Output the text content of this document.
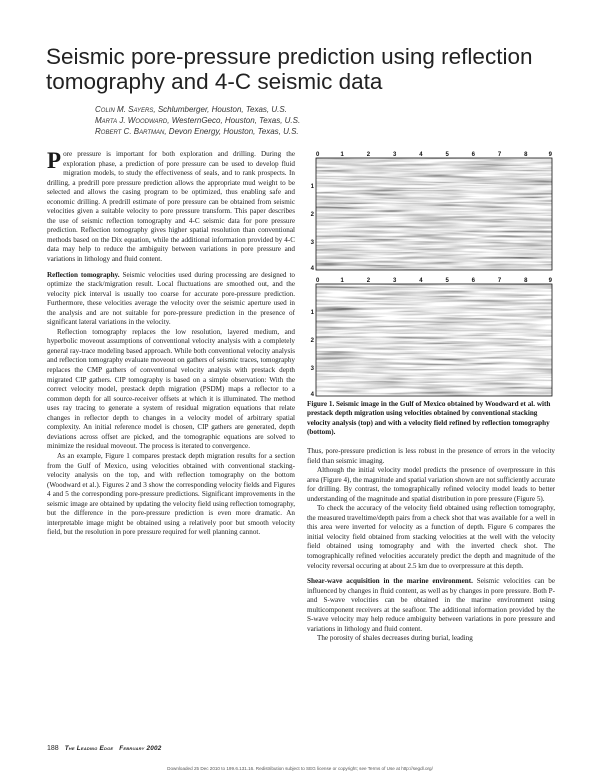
Seismic pore-pressure prediction using reflection tomography and 4-C seismic data
Colin M. Sayers, Schlumberger, Houston, Texas, U.S.
Marta J. Woodward, WesternGeco, Houston, Texas, U.S.
Robert C. Bartman, Devon Energy, Houston, Texas, U.S.

Pore pressure is important for both exploration and drilling. During the exploration phase, a prediction of pore pressure can be used to develop fluid migration models, to study the effectiveness of seals, and to rank prospects. In drilling, a predrill pore pressure prediction allows the appropriate mud weight to be selected and allows the casing program to be optimized, thus enabling safe and economic drilling. A predrill estimate of pore pressure can be obtained from seismic velocities given a suitable velocity to pore pressure transform. This paper describes the use of seismic reflection tomography and 4-C seismic data for pore pressure prediction. Reflection tomography gives higher spatial resolution than conventional methods based on the Dix equation, while the additional information provided by 4-C data may help to reduce the ambiguity between variations in pore pressure and variations in lithology and fluid content.

Reflection tomography. Seismic velocities used during processing are designed to optimize the stack/migration result. Local fluctuations are smoothed out, and the velocity pick interval is usually too coarse for accurate pore-pressure prediction. Furthermore, these velocities average the velocity over the seismic aperture used in the analysis and are not suitable for pore-pressure prediction in the presence of significant lateral variations in the velocity.

Reflection tomography replaces the low resolution, layered medium, and hyperbolic moveout assumptions of conventional velocity analysis with a completely general ray-trace modeling based approach. While both conventional velocity analysis and reflection tomography evaluate moveout on gathers of seismic traces, tomography replaces the CMP gathers of conventional velocity analysis with prestack depth migrated CIP gathers. CIP tomography is based on a simple observation: With the correct velocity model, prestack depth migration (PSDM) maps a reflector to a common depth for all source-receiver offsets at which it is illuminated. The method uses ray tracing to generate a system of residual migration equations that relate changes in reflector depth to changes in a velocity model of arbitrary spatial complexity. An initial reference model is chosen, CIP gathers are generated, depth deviations across offset are picked, and the tomographic equations are solved to minimize the residual moveout. The process is iterated to convergence.

As an example, Figure 1 compares prestack depth migration results for a section from the Gulf of Mexico, using velocities obtained with conventional stacking-velocity analysis on the top, and with reflection tomography on the bottom (Woodward et al.). Figures 2 and 3 show the corresponding velocity fields and Figures 4 and 5 the corresponding pore-pressure predictions. Significant improvements in the seismic image are obtained by updating the velocity field using reflection tomography, but the difference in the pore-pressure prediction is even more dramatic. An interpretable image might be obtained using a relatively poor but smooth velocity field, but the resolution in pore pressure required for well planning cannot.

0	1	2	3	4	5	6	7	8	9
1
2
3
4
0	1	2	3	4	5	6	7	8	9
1
2
3
4
Figure 1. Seismic image in the Gulf of Mexico obtained by Woodward et al. with prestack depth migration using velocities obtained by conventional stacking velocity analysis (top) and with a velocity field refined by reflection tomography (bottom).

Thus, pore-pressure prediction is less robust in the presence of errors in the velocity field than seismic imaging.

Although the initial velocity model predicts the presence of overpressure in this area (Figure 4), the magnitude and spatial variation shown are not sufficiently accurate for drilling. By contrast, the tomographically refined velocity model leads to better understanding of the magnitude and spatial distribution in pore pressure (Figure 5).

To check the accuracy of the velocity field obtained using reflection tomography, the measured traveltime/depth pairs from a check shot that was available for a well in this area were inverted for velocity as a function of depth. Figure 6 compares the initial velocity field obtained from stacking velocities at the well with the velocity field obtained using tomography and with the inverted check shot. The tomographically refined velocities accurately predict the depth and magnitude of the velocity reversal occuring at about 2.5 km due to overpressure at this depth.

Shear-wave acquisition in the marine environment. Seismic velocities can be influenced by changes in fluid content, as well as by changes in pore pressure. Both P- and S-wave velocities can be obtained in the marine environment using multicomponent receivers at the seafloor. The additional information provided by the S-wave velocity may help reduce ambiguity between variations in pore pressure and variations in lithology and fluid content.

The porosity of shales decreases during burial, leading

188 The Leading Edge February 2002
Downloaded 25 Dec 2010 to 199.6.131.16. Redistribution subject to SEG license or copyright; see Terms of Use at http://segdl.org/
